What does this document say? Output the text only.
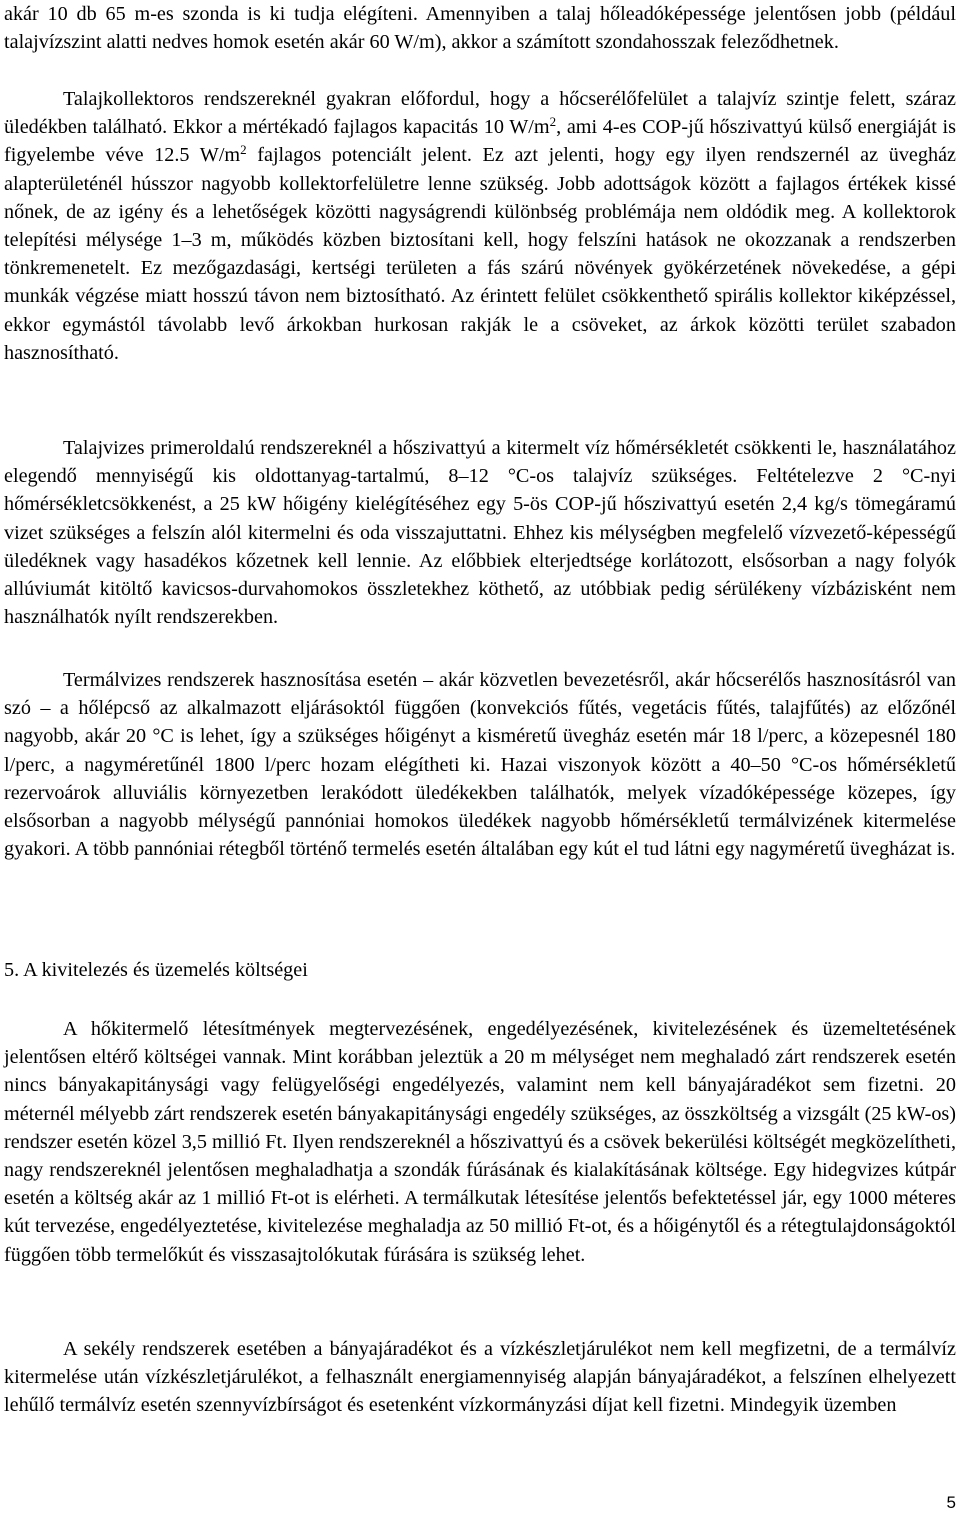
akár 10 db 65 m-es szonda is ki tudja elégíteni. Amennyiben a talaj hőleadóképessége jelentősen jobb (például talajvízszint alatti nedves homok esetén akár 60 W/m), akkor a számított szondahosszak feleződhetnek.

Talajkollektoros rendszereknél gyakran előfordul, hogy a hőcserélőfelület a talajvíz szintje felett, száraz üledékben található. Ekkor a mértékadó fajlagos kapacitás 10 $W/m^2$, ami 4-es COP-jű hőszivattyú külső energiáját is figyelembe véve 12.5 $W/m^2$ fajlagos potenciált jelent. Ez azt jelenti, hogy egy ilyen rendszernél az üvegház alapterületénél hússzor nagyobb kollektorfelületre lenne szükség. Jobb adottságok között a fajlagos értékek kissé nőnek, de az igény és a lehetőségek közötti nagyságrendi különbség problémája nem oldódik meg. A kollektorok telepítési mélysége 1–3 m, működés közben biztosítani kell, hogy felszíni hatások ne okozzanak a rendszerben tönkremenetelt. Ez mezőgazdasági, kertségi területen a fás szárú növények gyökérzetének növekedése, a gépi munkák végzése miatt hosszú távon nem biztosítható. Az érintett felület csökkenthető spirális kollektor kiképzéssel, ekkor egymástól távolabb levő árkokban hurkosan rakják le a csöveket, az árkok közötti terület szabadon hasznosítható.

Talajvizes primeroldalú rendszereknél a hőszivattyú a kitermelt víz hőmérsékletét csökkenti le, használatához elegendő mennyiségű kis oldottanyag-tartalmú, 8–12 °C-os talajvíz szükséges. Feltételezve 2 °C-nyi hőmérsékletcsökkenést, a 25 kW hőigény kielégítéséhez egy 5-ös COP-jű hőszivattyú esetén 2,4 kg/s tömegáramú vizet szükséges a felszín alól kitermelni és oda visszajuttatni. Ehhez kis mélységben megfelelő vízvezető-képességű üledéknek vagy hasadékos kőzetnek kell lennie. Az előbbiek elterjedtsége korlátozott, elsősorban a nagy folyók allúviumát kitöltő kavicsos-durvahomokos összletekhez köthető, az utóbbiak pedig sérülékeny vízbázisként nem használhatók nyílt rendszerekben.

Termálvizes rendszerek hasznosítása esetén – akár közvetlen bevezetésről, akár hőcserélős hasznosításról van szó – a hőlépcső az alkalmazott eljárásoktól függően (konvekciós fűtés, vegetácis fűtés, talajfűtés) az előzőnél nagyobb, akár 20 °C is lehet, így a szükséges hőigényt a kisméretű üvegház esetén már 18 l/perc, a közepesnél 180 l/perc, a nagyméretűnél 1800 l/perc hozam elégítheti ki. Hazai viszonyok között a 40–50 °C-os hőmérsékletű rezervoárok alluviális környezetben lerakódott üledékekben találhatók, melyek vízadóképessége közepes, így elsősorban a nagyobb mélységű pannóniai homokos üledékek nagyobb hőmérsékletű termálvizének kitermelése gyakori. A több pannóniai rétegből történő termelés esetén általában egy kút el tud látni egy nagyméretű üvegházat is.

5. A kivitelezés és üzemelés költségei

A hőkitermelő létesítmények megtervezésének, engedélyezésének, kivitelezésének és üzemeltetésének jelentősen eltérő költségei vannak. Mint korábban jeleztük a 20 m mélységet nem meghaladó zárt rendszerek esetén nincs bányakapitánysági vagy felügyelőségi engedélyezés, valamint nem kell bányajáradékot sem fizetni. 20 méternél mélyebb zárt rendszerek esetén bányakapitánysági engedély szükséges, az összköltség a vizsgált (25 kW-os) rendszer esetén közel 3,5 millió Ft. Ilyen rendszereknél a hőszivattyú és a csövek bekerülési költségét megközelítheti, nagy rendszereknél jelentősen meghaladhatja a szondák fúrásának és kialakításának költsége. Egy hidegvizes kútpár esetén a költség akár az 1 millió Ft-ot is elérheti. A termálkutak létesítése jelentős befektetéssel jár, egy 1000 méteres kút tervezése, engedélyeztetése, kivitelezése meghaladja az 50 millió Ft-ot, és a hőigénytől és a rétegtulajdonságoktól függően több termelőkút és visszasajtolókutak fúrására is szükség lehet.

A sekély rendszerek esetében a bányajáradékot és a vízkészletjárulékot nem kell megfizetni, de a termálvíz kitermelése után vízkészletjárulékot, a felhasznált energiamennyiség alapján bányajáradékot, a felszínen elhelyezett lehűlő termálvíz esetén szennyvízbírságot és esetenként vízkormányzási díjat kell fizetni. Mindegyik üzemben

5
